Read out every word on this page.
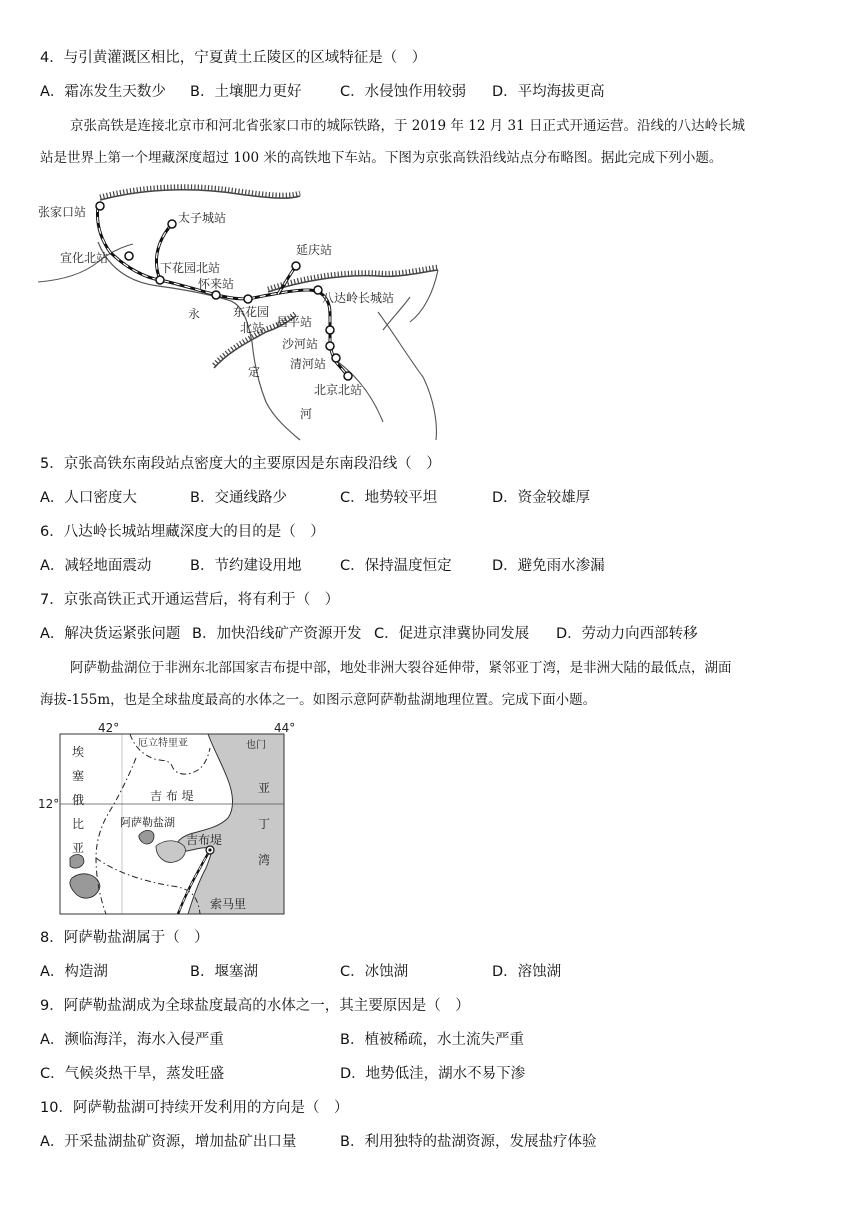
4．与引黄灌溉区相比，宁夏黄土丘陵区的区域特征是（　）
A．霜冻发生天数少 B．土壤肥力更好	C．水侵蚀作用较弱 D．平均海拔更高
京张高铁是连接北京市和河北省张家口市的城际铁路，于 2019 年 12 月 31 日正式开通运营。沿线的八达岭长城
站是世界上第一个埋藏深度超过 100 米的高铁地下车站。下图为京张高铁沿线站点分布略图。据此完成下列小题。
张家口站	太子城站
宣化北站
下花园北站
怀来站
东花园
北站
延庆站
八达岭长城站
昌平站
沙河站
清河站
北京北站
永
定
河
5．京张高铁东南段站点密度大的主要原因是东南段沿线（　）
A．人口密度大	B．交通线路少	C．地势较平坦	D．资金较雄厚
6．八达岭长城站埋藏深度大的目的是（　）
A．减轻地面震动	B．节约建设用地	C．保持温度恒定	D．避免雨水渗漏
7．京张高铁正式开通运营后，将有利于（　）
A．解决货运紧张问题 B．加快沿线矿产资源开发 C．促进京津冀协同发展 D．劳动力向西部转移
阿萨勒盐湖位于非洲东北部国家吉布提中部，地处非洲大裂谷延伸带，紧邻亚丁湾，是非洲大陆的最低点，湖面
海拔-155m，也是全球盐度最高的水体之一。如图示意阿萨勒盐湖地理位置。完成下面小题。
42°	44°
12°
埃
塞
俄
比
亚
厄立特里亚	也门
吉 布 堤
亚
丁
湾
阿萨勒盐湖
吉布堤
索马里
8．阿萨勒盐湖属于（　）
A．构造湖	B．堰塞湖	C．冰蚀湖	D．溶蚀湖
9．阿萨勒盐湖成为全球盐度最高的水体之一，其主要原因是（　）
A．濒临海洋，海水入侵严重	B．植被稀疏，水土流失严重
C．气候炎热干旱，蒸发旺盛	D．地势低洼，湖水不易下渗
10．阿萨勒盐湖可持续开发利用的方向是（　）
A．开采盐湖盐矿资源，增加盐矿出口量	B．利用独特的盐湖资源，发展盐疗体验
